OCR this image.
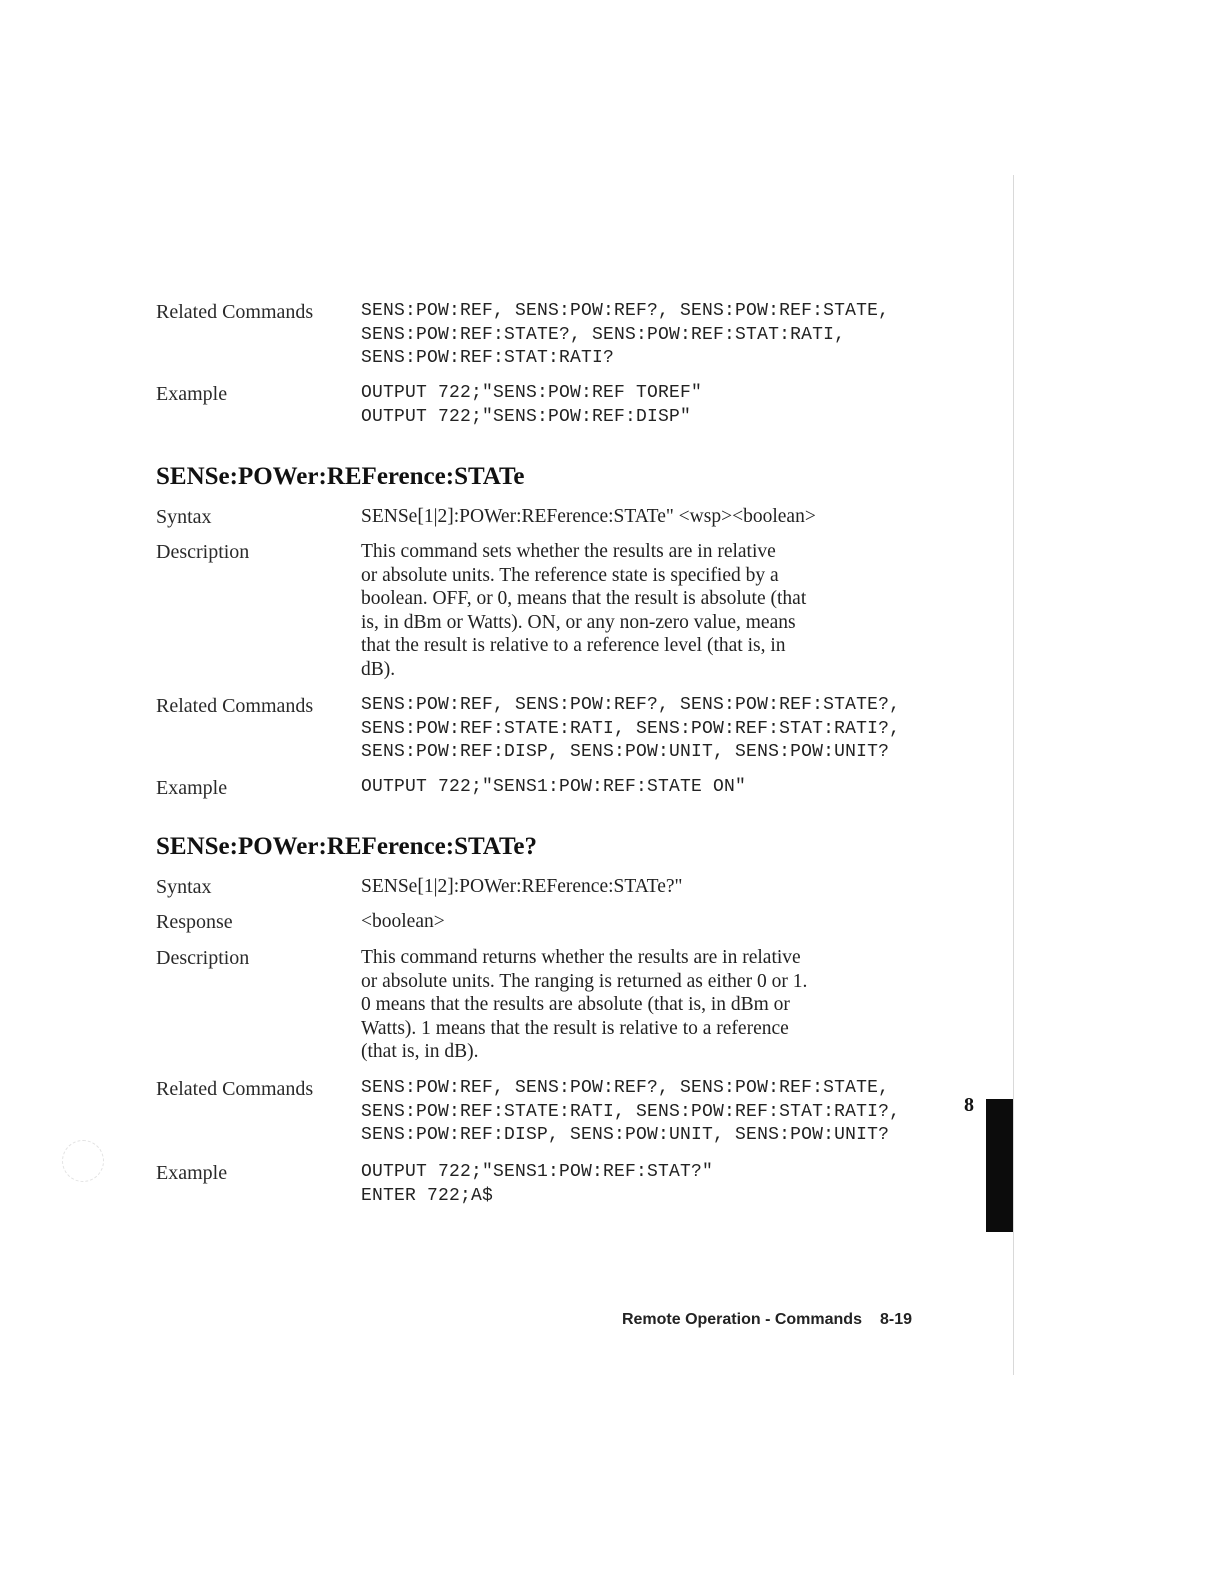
Related Commands	SENS:POW:REF, SENS:POW:REF?, SENS:POW:REF:STATE,
SENS:POW:REF:STATE?, SENS:POW:REF:STAT:RATI,
SENS:POW:REF:STAT:RATI?
Example	OUTPUT 722;"SENS:POW:REF TOREF"
OUTPUT 722;"SENS:POW:REF:DISP"
SENSe:POWer:REFerence:STATe
Syntax	SENSe[1|2]:POWer:REFerence:STATe" <wsp><boolean>
Description	This command sets whether the results are in relative
or absolute units. The reference state is specified by a
boolean. OFF, or 0, means that the result is absolute (that
is, in dBm or Watts). ON, or any non-zero value, means
that the result is relative to a reference level (that is, in
dB).
Related Commands	SENS:POW:REF, SENS:POW:REF?, SENS:POW:REF:STATE?,
SENS:POW:REF:STATE:RATI, SENS:POW:REF:STAT:RATI?,
SENS:POW:REF:DISP, SENS:POW:UNIT, SENS:POW:UNIT?
Example	OUTPUT 722;"SENS1:POW:REF:STATE ON"
SENSe:POWer:REFerence:STATe?
Syntax	SENSe[1|2]:POWer:REFerence:STATe?"
Response	<boolean>
Description	This command returns whether the results are in relative
or absolute units. The ranging is returned as either 0 or 1.
0 means that the results are absolute (that is, in dBm or
Watts). 1 means that the result is relative to a reference
(that is, in dB).
Related Commands	SENS:POW:REF, SENS:POW:REF?, SENS:POW:REF:STATE,
SENS:POW:REF:STATE:RATI, SENS:POW:REF:STAT:RATI?,
SENS:POW:REF:DISP, SENS:POW:UNIT, SENS:POW:UNIT?
Example	OUTPUT 722;"SENS1:POW:REF:STAT?"
ENTER 722;A$
8
Remote Operation - Commands 8-19
